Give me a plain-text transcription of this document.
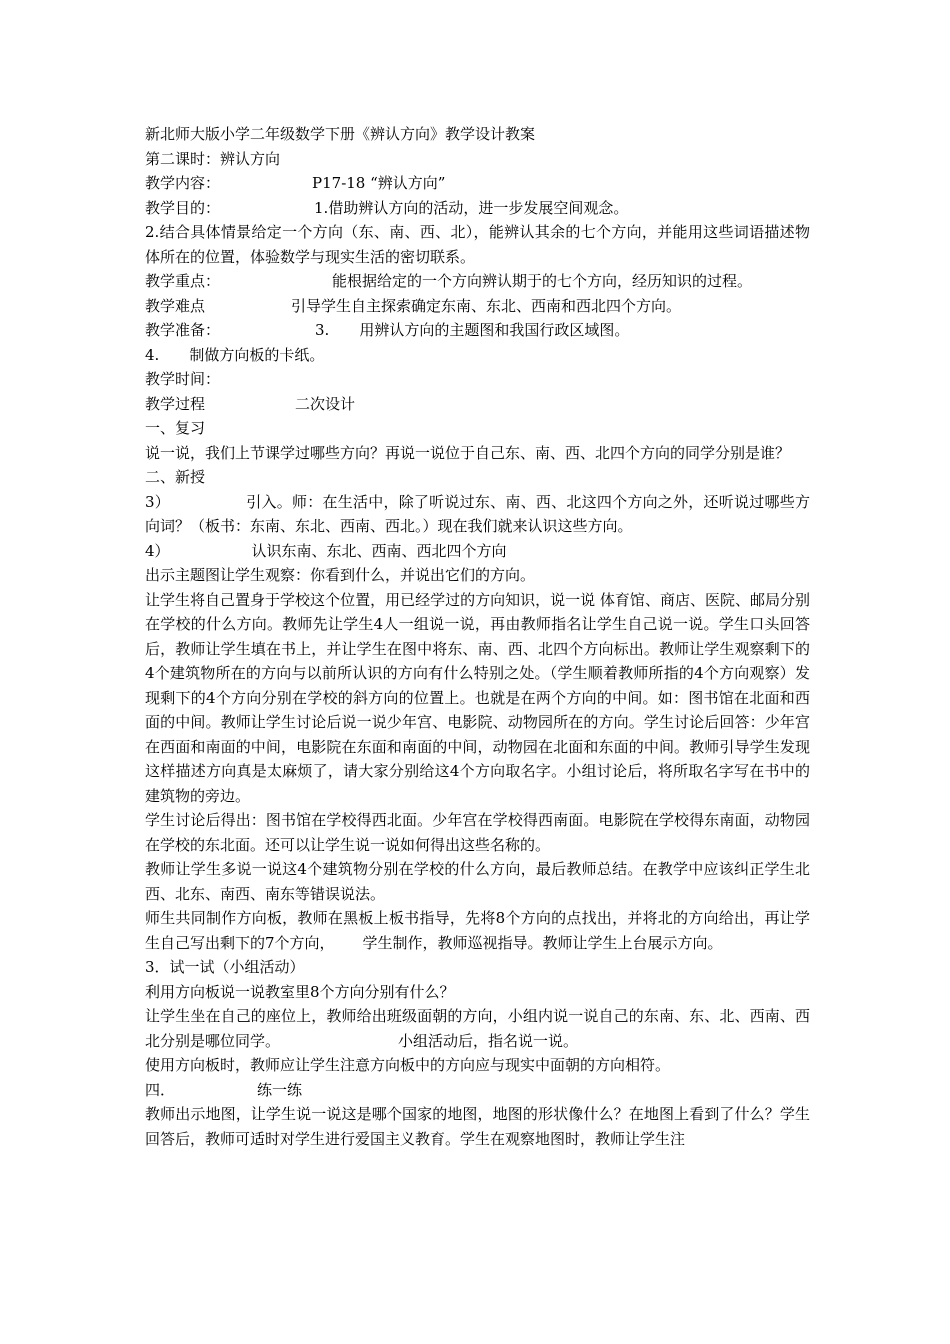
新北师大版小学二年级数学下册《辨认方向》教学设计教案
第二课时：辨认方向
教学内容：	P17-18 “辨认方向”
教学目的：	1.借助辨认方向的活动，进一步发展空间观念。

2.结合具体情景给定一个方向（东、南、西、北），能辨认其余的七个方向，并能用这些词语描述物体所在的位置，体验数学与现实生活的密切联系。

教学重点：	能根据给定的一个方向辨认期于的七个方向，经历知识的过程。
教学难点	引导学生自主探索确定东南、东北、西南和西北四个方向。
教学准备：	3. 用辨认方向的主题图和我国行政区域图。
4. 制做方向板的卡纸。
教学时间：
教学过程	二次设计
一、复习

说一说，我们上节课学过哪些方向？再说一说位于自己东、南、西、北四个方向的同学分别是谁？

二、新授

3）	引入。师：在生活中，除了听说过东、南、西、北这四个方向之外，还听说过哪些方向词？（板书：东南、东北、西南、西北。）现在我们就来认识这些方向。

4）	认识东南、东北、西南、西北四个方向

出示主题图让学生观察：你看到什么，并说出它们的方向。

让学生将自己置身于学校这个位置，用已经学过的方向知识，说一说 体育馆、商店、医院、邮局分别在学校的什么方向。教师先让学生4人一组说一说，再由教师指名让学生自己说一说。学生口头回答后，教师让学生填在书上，并让学生在图中将东、南、西、北四个方向标出。教师让学生观察剩下的4个建筑物所在的方向与以前所认识的方向有什么特别之处。（学生顺着教师所指的4个方向观察）发现剩下的4个方向分别在学校的斜方向的位置上。也就是在两个方向的中间。如：图书馆在北面和西面的中间。教师让学生讨论后说一说少年宫、电影院、动物园所在的方向。学生讨论后回答：少年宫在西面和南面的中间，电影院在东面和南面的中间，动物园在北面和东面的中间。教师引导学生发现这样描述方向真是太麻烦了，请大家分别给这4个方向取名字。小组讨论后，将所取名字写在书中的建筑物的旁边。

学生讨论后得出：图书馆在学校得西北面。少年宫在学校得西南面。电影院在学校得东南面，动物园在学校的东北面。还可以让学生说一说如何得出这些名称的。

教师让学生多说一说这4个建筑物分别在学校的什么方向，最后教师总结。在教学中应该纠正学生北西、北东、南西、南东等错误说法。

师生共同制作方向板，教师在黑板上板书指导，先将8个方向的点找出，并将北的方向给出，再让学生自己写出剩下的7个方向， 学生制作，教师巡视指导。教师让学生上台展示方向。

3．试一试（小组活动）

利用方向板说一说教室里8个方向分别有什么？

让学生坐在自己的座位上，教师给出班级面朝的方向，小组内说一说自己的东南、东、北、西南、西北分别是哪位同学。	小组活动后，指名说一说。

使用方向板时，教师应让学生注意方向板中的方向应与现实中面朝的方向相符。

四．	练一练

教师出示地图，让学生说一说这是哪个国家的地图，地图的形状像什么？在地图上看到了什么？学生回答后，教师可适时对学生进行爱国主义教育。学生在观察地图时，教师让学生注
